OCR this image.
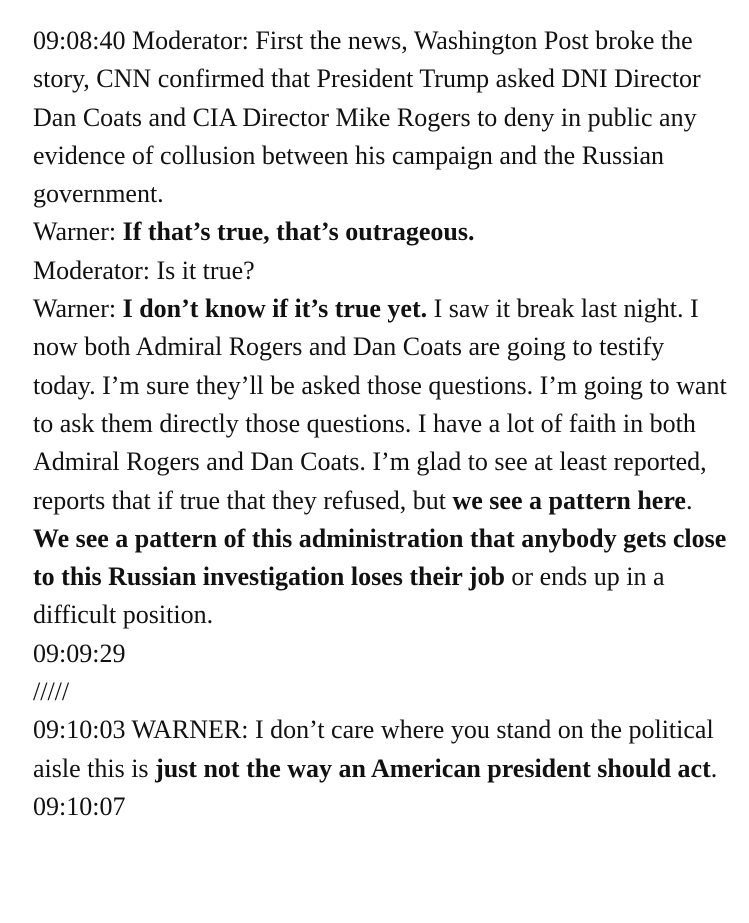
09:08:40 Moderator: First the news, Washington Post broke the story, CNN confirmed that President Trump asked DNI Director Dan Coats and CIA Director Mike Rogers to deny in public any evidence of collusion between his campaign and the Russian government.

Warner: If that’s true, that’s outrageous.

Moderator: Is it true?

Warner: I don’t know if it’s true yet. I saw it break last night. I now both Admiral Rogers and Dan Coats are going to testify today. I’m sure they’ll be asked those questions. I’m going to want to ask them directly those questions. I have a lot of faith in both Admiral Rogers and Dan Coats. I’m glad to see at least reported, reports that if true that they refused, but we see a pattern here. We see a pattern of this administration that anybody gets close to this Russian investigation loses their job or ends up in a difficult position.

09:09:29

/////

09:10:03 WARNER: I don’t care where you stand on the political aisle this is just not the way an American president should act.

09:10:07
